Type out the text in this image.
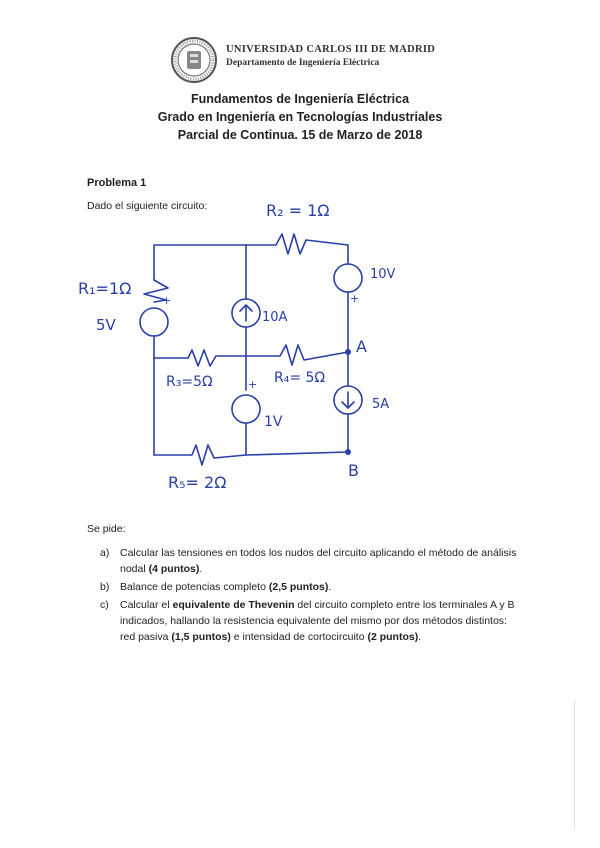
UNIVERSIDAD CARLOS III DE MADRID
Departamento de Ingeniería Eléctrica
Fundamentos de Ingeniería Eléctrica
Grado en Ingeniería en Tecnologías Industriales
Parcial de Continua. 15 de Marzo de 2018
Problema 1
Dado el siguiente circuito:	R₂ = 1Ω
R₁=1Ω
5V
+
10A
10V
+
A
R₃=5Ω	R₄= 5Ω
+
1V
5A
B
R₅= 2Ω
Se pide:
a) Calcular las tensiones en todos los nudos del circuito aplicando el método de análisis nodal (4 puntos).
b) Balance de potencias completo (2,5 puntos).
c) Calcular el equivalente de Thevenin del circuito completo entre los terminales A y B indicados, hallando la resistencia equivalente del mismo por dos métodos distintos: red pasiva (1,5 puntos) e intensidad de cortocircuito (2 puntos).
